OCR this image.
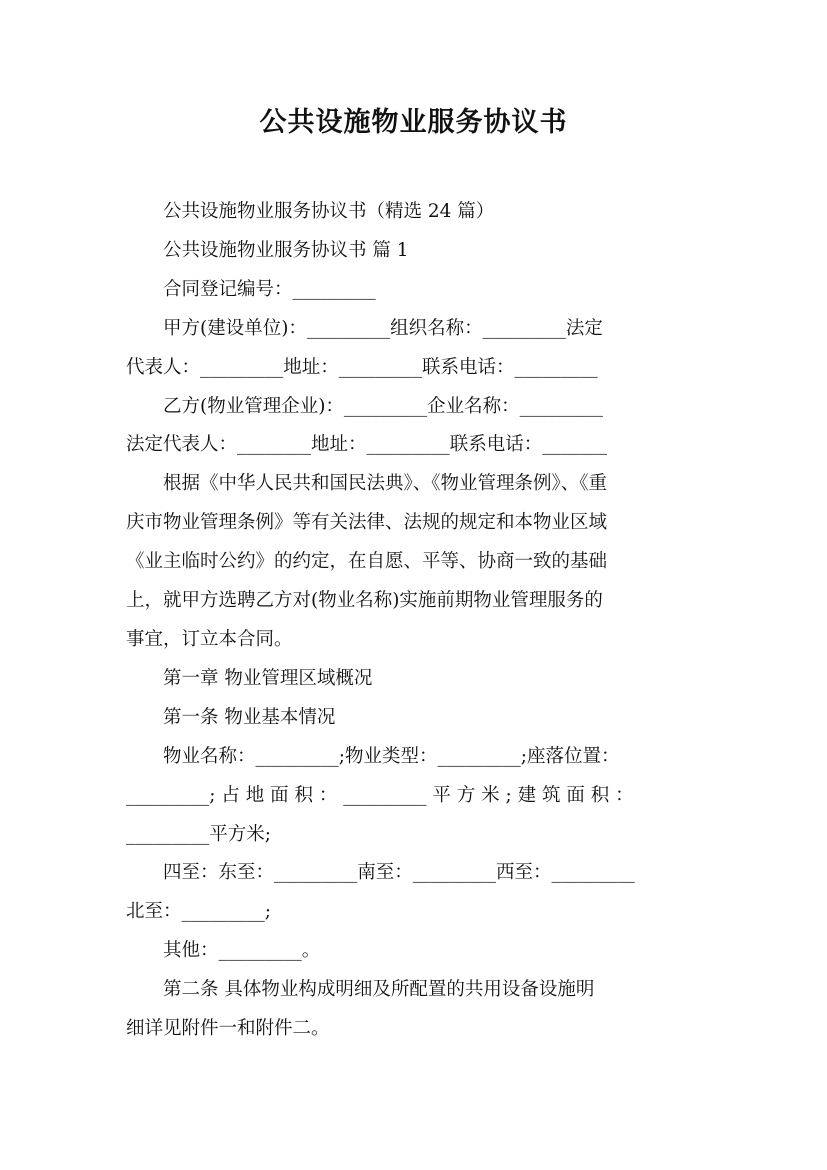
公共设施物业服务协议书
公共设施物业服务协议书（精选 24 篇）
公共设施物业服务协议书 篇 1
合同登记编号：_________
甲方(建设单位)：_________组织名称：_________法定
代表人：_________地址：_________联系电话：_________
乙方(物业管理企业)：_________企业名称：_________
法定代表人：________地址：_________联系电话：_______
根据《中华人民共和国民法典》、《物业管理条例》、《重
庆市物业管理条例》等有关法律、法规的规定和本物业区域
《业主临时公约》的约定，在自愿、平等、协商一致的基础
上，就甲方选聘乙方对(物业名称)实施前期物业管理服务的
事宜，订立本合同。
第一章 物业管理区域概况
第一条 物业基本情况
物业名称：_________;物业类型：_________;座落位置：
_________; 占 地 面 积 ： _________ 平 方 米 ; 建 筑 面 积 ：
_________平方米;
四至：东至：_________南至：_________西至：_________
北至：_________;
其他：_________。
第二条 具体物业构成明细及所配置的共用设备设施明
细详见附件一和附件二。
